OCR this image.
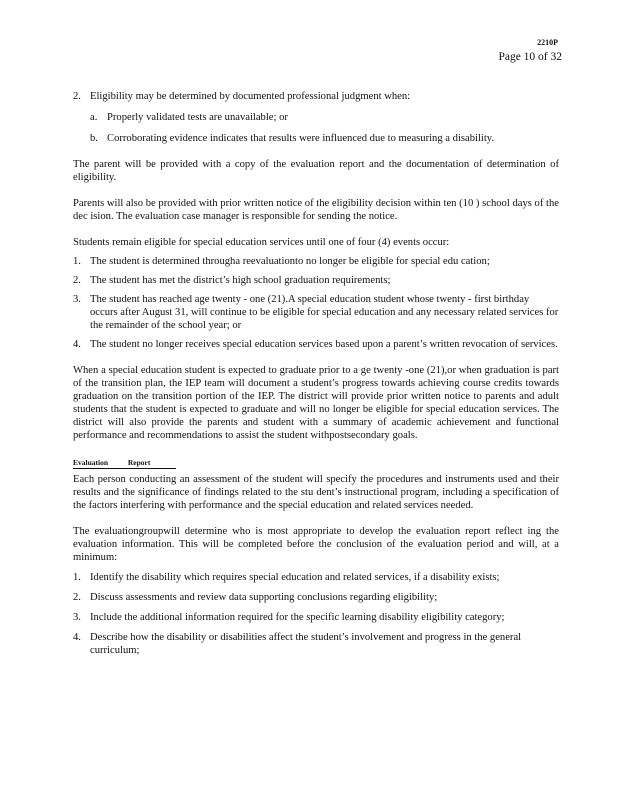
2210P
Page 10 of 32
2. Eligibility may be determined by documented professional judgment when:
a. Properly validated tests are unavailable; or
b. Corroborating evidence indicates that results were influenced due to measuring a disability.

The parent will be provided with a copy of the evaluation report and the documentation of determination of eligibility.

Parents will also be provided with prior written notice of the eligibility decision within ten (10 ) school days of the dec ision. The evaluation case manager is responsible for sending the notice.

Students remain eligible for special education services until one of four (4) events occur:

1. The student is determined througha reevaluationto no longer be eligible for special edu cation;
2. The student has met the district’s high school graduation requirements;
3. The student has reached age twenty - one (21).A special education student whose twenty - first birthday occurs after August 31, will continue to be eligible for special education and any necessary related services for the remainder of the school year; or
4. The student no longer receives special education services based upon a parent’s written revocation of services.

When a special education student is expected to graduate prior to a ge twenty -one (21),or when graduation is part of the transition plan, the IEP team will document a student’s progress towards achieving course credits towards graduation on the transition portion of the IEP. The district will provide prior written notice to parents and adult students that the student is expected to graduate and will no longer be eligible for special education services. The district will also provide the parents and student with a summary of academic achievement and functional performance and recommendations to assist the student withpostsecondary goals.

Evaluation Report

Each person conducting an assessment of the student will specify the procedures and instruments used and their results and the significance of findings related to the stu dent’s instructional program, including a specification of the factors interfering with performance and the special education and related services needed.

The evaluationgroupwill determine who is most appropriate to develop the evaluation report reflect ing the evaluation information. This will be completed before the conclusion of the evaluation period and will, at a minimum:

1. Identify the disability which requires special education and related services, if a disability exists;
2. Discuss assessments and review data supporting conclusions regarding eligibility;
3. Include the additional information required for the specific learning disability eligibility category;
4. Describe how the disability or disabilities affect the student’s involvement and progress in the general curriculum;
